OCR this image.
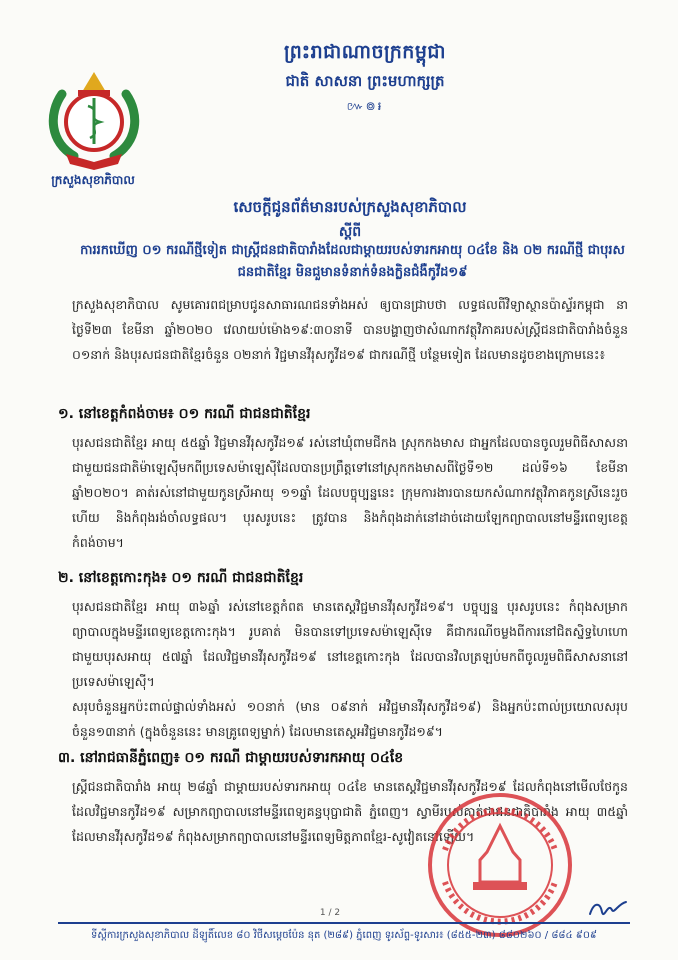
ព្រះរាជាណាចក្រកម្ពុជា
ជាតិ សាសនា ព្រះមហាក្សត្រ
៚៙៛
ក្រសួងសុខាភិបាល
សេចក្ដីជូនព័ត៌មានរបស់ក្រសួងសុខាភិបាល
ស្ដីពី
ការរកឃើញ ០១ ករណីថ្មីទៀត ជាស្ត្រីជនជាតិបារាំងដែលជាម្ដាយរបស់ទារកអាយុ ០៤ខែ និង ០២ ករណីថ្មី ជាបុរសជនជាតិខ្មែរ មិនជួមានទំនាក់ទំនងក្លិនជំងឺកូវីដ១៩
ក្រសួងសុខាភិបាល សូមគោរពជម្រាបជូនសាធារណជនទាំងអស់ ឲ្យបានជ្រាបថា លទ្ធផលពីវិទ្យាស្ថានប៉ាស្ទ័រកម្ពុជា នាថ្ងៃទី២៣ ខែមីនា ឆ្នាំ២០២០ វេលាយប់ម៉ោង១៩:៣០នាទី បានបង្ហាញថាសំណាកវត្ថុវិភាគរបស់ស្ត្រីជនជាតិបារាំងចំនួន ០១នាក់ និងបុរសជនជាតិខ្មែរចំនួន ០២នាក់ វិជ្ជមានវីរុសកូវីដ១៩ ជាករណីថ្មី បន្ថែមទៀត ដែលមានដូចខាងក្រោមនេះ៖
១. នៅខេត្តកំពង់ចាម៖ ០១ ករណី ជាជនជាតិខ្មែរ
បុរសជនជាតិខ្មែរ អាយុ ៥៥ឆ្នាំ វិជ្ជមានវីរុសកូវីដ១៩ រស់នៅឃុំពាមជីកង ស្រុកកងមាស ជាអ្នកដែលបានចូលរួមពិធីសាសនាជាមួយជនជាតិម៉ាឡេស៊ីមកពីប្រទេសម៉ាឡេស៊ីដែលបានប្រព្រឹត្តទៅនៅស្រុកកងមាសពីថ្ងៃទី១២ ដល់ទី១៦ ខែមីនា ឆ្នាំ២០២០។ គាត់រស់នៅជាមួយកូនស្រីអាយុ ១១ឆ្នាំ ដែលបច្ចុប្បន្ននេះ ក្រុមការងារបានយកសំណាកវត្ថុវិភាគកូនស្រីនេះរួចហើយ និងកំពុងរង់ចាំលទ្ធផល។ បុរសរូបនេះ ត្រូវបាន និងកំពុងដាក់នៅដាច់ដោយឡែកព្យាបាលនៅមន្ទីរពេទ្យខេត្តកំពង់ចាម។
២. នៅខេត្តកោះកុង៖ ០១ ករណី ជាជនជាតិខ្មែរ
បុរសជនជាតិខ្មែរ អាយុ ៣៦ឆ្នាំ រស់នៅខេត្តកំពត មានតេស្តវិជ្ជមានវីរុសកូវីដ១៩។ បច្ចុប្បន្ន បុរសរូបនេះ កំពុងសម្រាកព្យាបាលក្នុងមន្ទីរពេទ្យខេត្តកោះកុង។ រូបគាត់ មិនបានទៅប្រទេសម៉ាឡេស៊ីទេ គឺជាករណីចម្លងពីការនៅជិតស្និទ្ធហៃហោជាមួយបុរសអាយុ ៥៧ឆ្នាំ ដែលវិជ្ជមានវីរុសកូវីដ១៩ នៅខេត្តកោះកុង ដែលបានវិលត្រឡប់មកពីចូលរួមពិធីសាសនានៅប្រទេសម៉ាឡេស៊ី។
សរុបចំនួនអ្នកប៉ះពាល់ផ្ទាល់ទាំងអស់ ១០នាក់ (មាន ០៩នាក់ អវិជ្ជមានវីរុសកូវីដ១៩) និងអ្នកប៉ះពាល់ប្រយោលសរុបចំនួន១៣នាក់ (ក្នុងចំនួននេះ មានគ្រូពេទ្យម្នាក់) ដែលមានតេស្តអវិជ្ជមានកូវីដ១៩។
៣. នៅរាជធានីភ្នំពេញ៖ ០១ ករណី ជាម្តាយរបស់ទារកអាយុ ០៤ខែ
ស្ត្រីជនជាតិបារាំង អាយុ ២៨ឆ្នាំ ជាម្ដាយរបស់ទារកអាយុ ០៤ខែ មានតេស្តវិជ្ជមានវីរុសកូវីដ១៩ ដែលកំពុងនៅមើលថែកូនដែលវិជ្ជមានកូវីដ១៩ សម្រាកព្យាបាលនៅមន្ទីរពេទ្យគន្ធបុប្ផាជាតិ ភ្នំពេញ។ ស្វាមីរបស់គាត់ជាជនជាតិបារាំង អាយុ ៣៥ឆ្នាំ ដែលមានវីរុសកូវីដ១៩ កំពុងសម្រាកព្យាបាលនៅមន្ទីរពេទ្យមិត្តភាពខ្មែរ-សូវៀតនៅឡើយ។
1 / 2
ទីស្ដីការក្រសួងសុខាភិបាល ដីឡូតិ៍លេខ ៨០ វិថីសម្ដេចប៉ែន នុត (២៨៩) ភ្នំពេញ ទូរស័ព្ទ-ទូរសារ៖ (៨៥៥-២៣) ៨៨០២៦០ / ៨៨៤ ៩០៩
